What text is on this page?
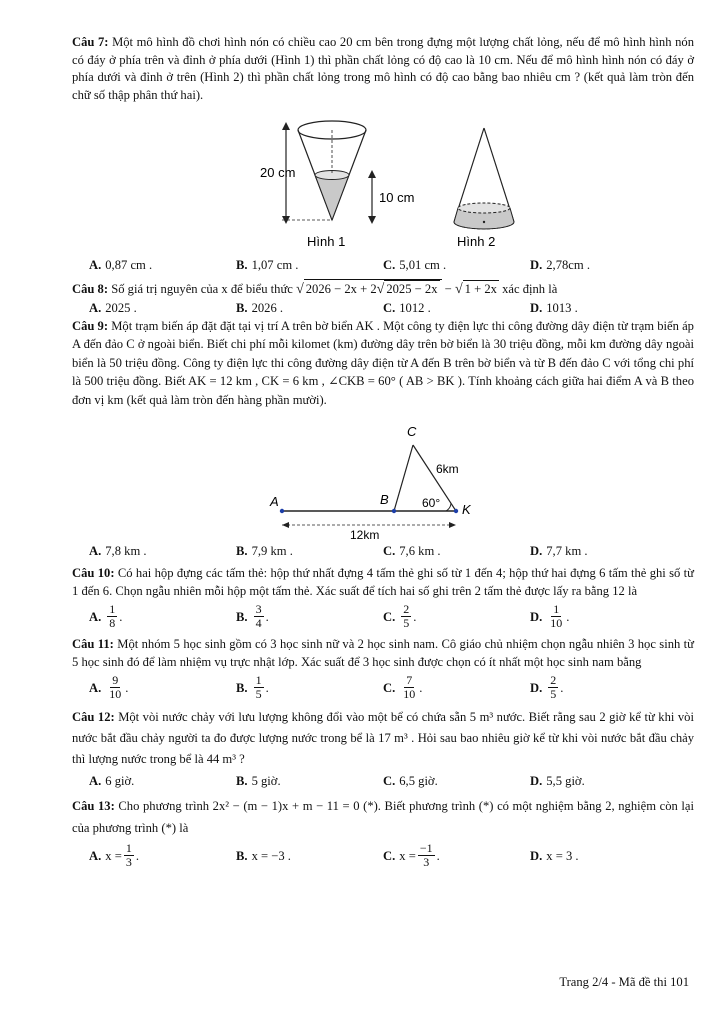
Câu 7: Một mô hình đồ chơi hình nón có chiều cao 20 cm bên trong đựng một lượng chất lỏng, nếu để mô hình hình nón có đáy ở phía trên và đỉnh ở phía dưới (Hình 1) thì phần chất lỏng có độ cao là 10 cm. Nếu để mô hình hình nón có đáy ở phía dưới và đỉnh ở trên (Hình 2) thì phần chất lỏng trong mô hình có độ cao bằng bao nhiêu cm ? (kết quả làm tròn đến chữ số thập phân thứ hai).

20 cm
10 cm
Hình 1	Hình 2
A. 0,87 cm .	B. 1,07 cm .	C. 5,01 cm .	D. 2,78cm .

Câu 8: Số giá trị nguyên của x để biểu thức √ 2026 − 2x + 2√ 2025 − 2x − √ 1 + 2x xác định là

A. 2025 .	B. 2026 .	C. 1012 .	D. 1013 .

Câu 9: Một trạm biến áp đặt đặt tại vị trí A trên bờ biển AK . Một công ty điện lực thi công đường dây điện từ trạm biến áp A đến đảo C ở ngoài biển. Biết chi phí mỗi kilomet (km) đường dây trên bờ biển là 30 triệu đồng, mỗi km đường dây ngoài biển là 50 triệu đồng. Công ty điện lực thi công đường dây điện từ A đến B trên bờ biển và từ B đến đảo C với tổng chi phí là 500 triệu đồng. Biết AK = 12 km , CK = 6 km , ∠CKB = 60° ( AB > BK ). Tính khoảng cách giữa hai điểm A và B theo đơn vị km (kết quả làm tròn đến hàng phần mười).

A	B
C
K
6km
60°
12km
A. 7,8 km .	B. 7,9 km .	C. 7,6 km .	D. 7,7 km .

Câu 10: Có hai hộp đựng các tấm thẻ: hộp thứ nhất đựng 4 tấm thẻ ghi số từ 1 đến 4; hộp thứ hai đựng 6 tấm thẻ ghi số từ 1 đến 6. Chọn ngẫu nhiên mỗi hộp một tấm thẻ. Xác suất để tích hai số ghi trên 2 tấm thẻ được lấy ra bằng 12 là

A. $\frac{1}{8}$ .	B. $\frac{3}{4}$ .	C. $\frac{2}{5}$ .	D. $\frac{1}{10}$ .

Câu 11: Một nhóm 5 học sinh gồm có 3 học sinh nữ và 2 học sinh nam. Cô giáo chủ nhiệm chọn ngẫu nhiên 3 học sinh từ 5 học sinh đó để làm nhiệm vụ trực nhật lớp. Xác suất để 3 học sinh được chọn có ít nhất một học sinh nam bằng

A. $\frac{9}{10}$ .	B. $\frac{1}{5}$ .	C. $\frac{7}{10}$ .	D. $\frac{2}{5}$ .

Câu 12: Một vòi nước chảy với lưu lượng không đổi vào một bể có chứa sẵn 5 m³ nước. Biết rằng sau 2 giờ kể từ khi vòi nước bắt đầu chảy người ta đo được lượng nước trong bể là 17 m³ . Hỏi sau bao nhiêu giờ kể từ khi vòi nước bắt đầu chảy thì lượng nước trong bể là 44 m³ ?

A. 6 giờ.	B. 5 giờ.	C. 6,5 giờ.	D. 5,5 giờ.

Câu 13: Cho phương trình 2x² − (m − 1)x + m − 11 = 0 (*). Biết phương trình (*) có một nghiệm bằng 2, nghiệm còn lại của phương trình (*) là

A. $x = \frac{1}{3}$ .	B. x = −3 .	C. $x = \frac{-1}{3}$ .	D. x = 3 .
Trang 2/4 - Mã đề thi 101
